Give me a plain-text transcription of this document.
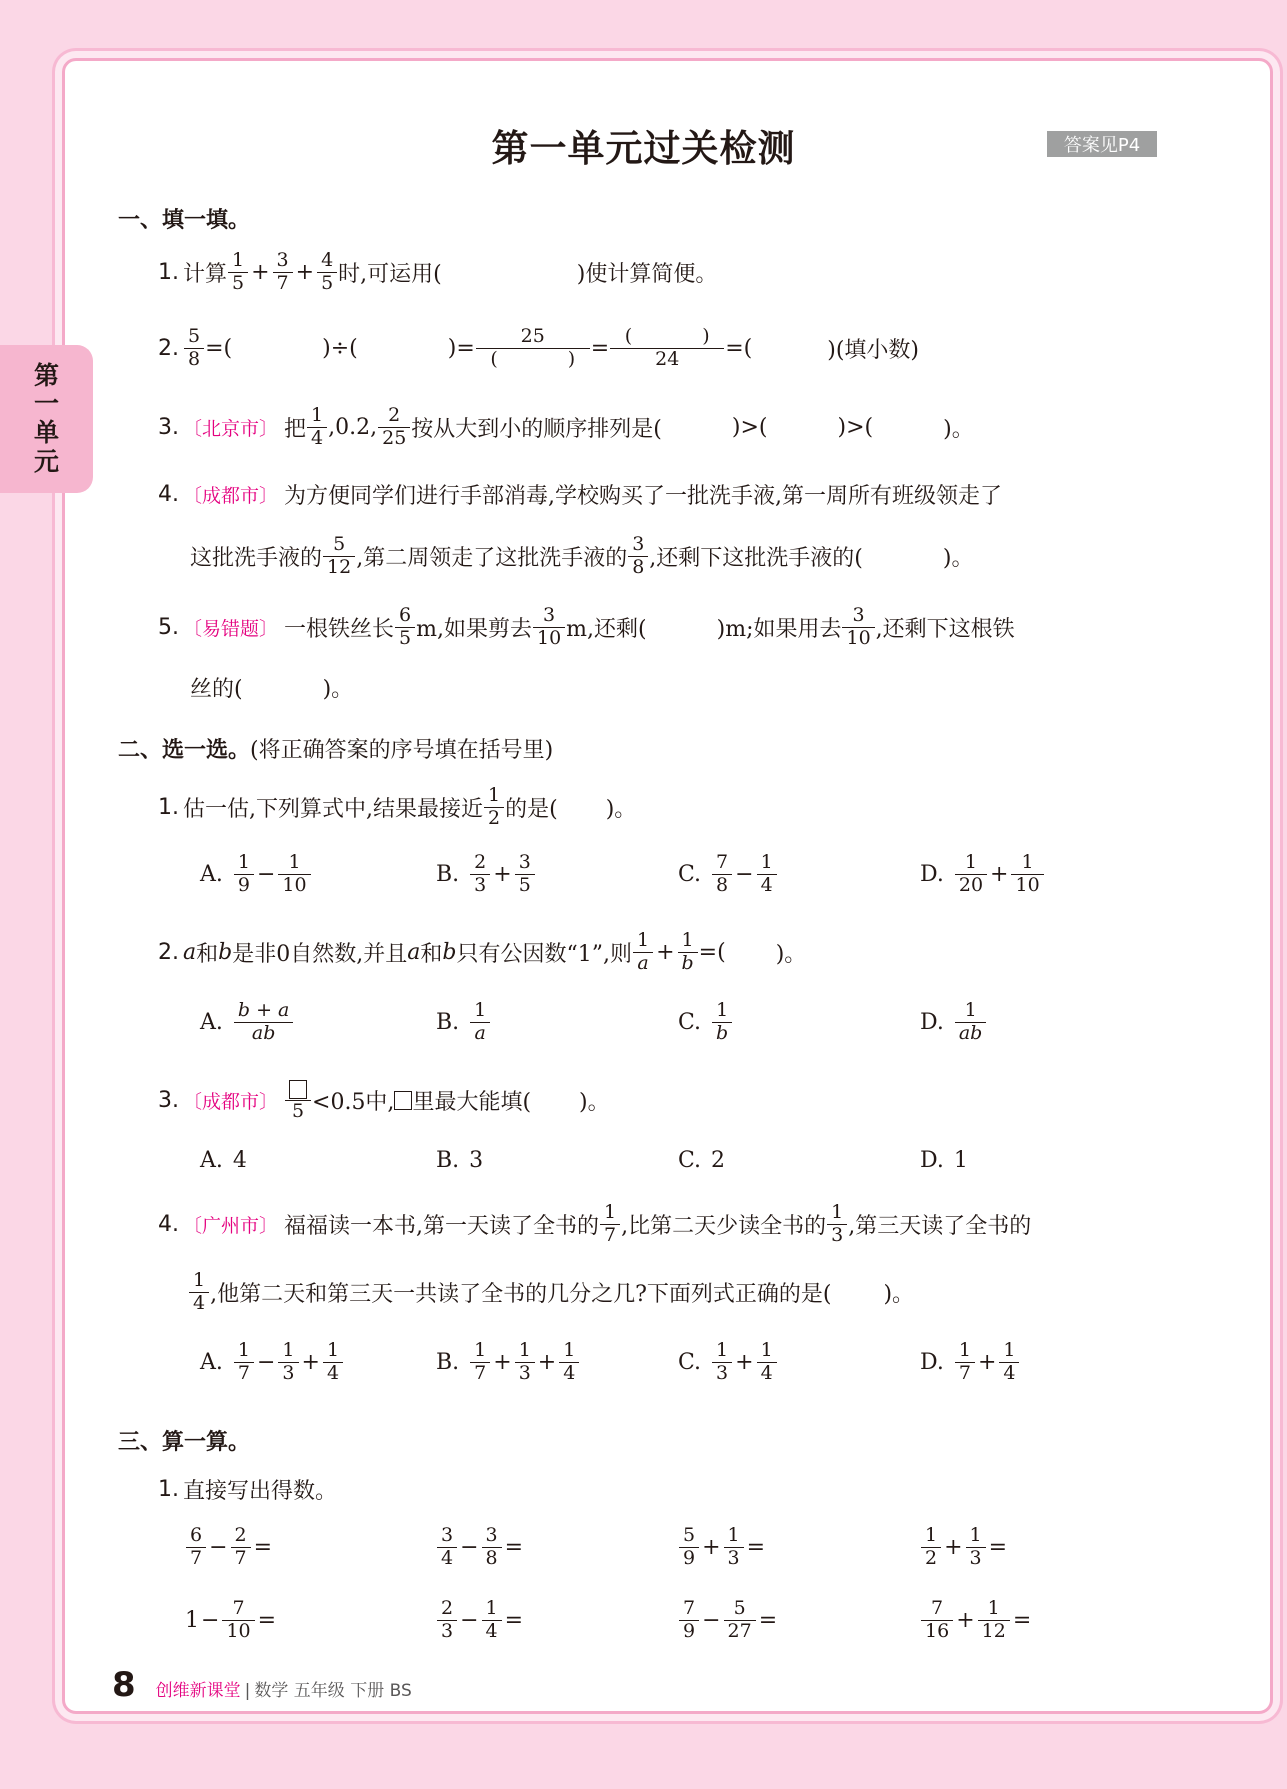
第
一
单
元
第一单元过关检测	答案见P4
一、填一填。
1. 计算 $\frac{1}{5} + \frac{3}{7} + \frac{4}{5}$ 时,可运用(	)使计算简便。
2. $\frac{5}{8}$ =(	)÷(	)= 25
(	) = (	)
24 =(	)(填小数)
3. 〔北京市〕 把 $\frac{1}{4} ,0.2$, $\frac{2}{25}$ 按从大到小的顺序排列是(	)>(	)>(	)。
4. 〔成都市〕 为方便同学们进行手部消毒,学校购买了一批洗手液,第一周所有班级领走了
这批洗手液的 $\frac{5}{12}$ ,第二周领走了这批洗手液的 $\frac{3}{8}$ ,还剩下这批洗手液的(	)。
5. 〔易错题〕 一根铁丝长 $\frac{6}{5} m$,如果剪去 $\frac{3}{10} m$,还剩(	)m;如果用去 $\frac{3}{10}$ ,还剩下这根铁
丝的(	)。
二、选一选。 (将正确答案的序号填在括号里)
1. 估一估,下列算式中,结果最接近 $\frac{1}{2}$ 的是( )。
A. $\frac{1}{9} - \frac{1}{10}$	B. $\frac{2}{3} + \frac{3}{5}$	C. $\frac{7}{8} - \frac{1}{4}$	D. $\frac{1}{20} + \frac{1}{10}$
2. a 和 b 是非0自然数,并且 a 和 b 只有公因数“1”,则 $\frac{1}{a} + \frac{1}{b}$ =( )。
A. $\frac{b + a}{ab}$	B. $\frac{1}{a}$	C. $\frac{1}{b}$	D. $\frac{1}{ab}$
3. 〔成都市〕 5 <0.5中, 里最大能填( )。
A. 4	B. 3	C. 2	D. 1
4. 〔广州市〕 福福读一本书,第一天读了全书的 $\frac{1}{7}$ ,比第二天少读全书的 $\frac{1}{3}$ ,第三天读了全书的
$\frac{1}{4}$ ,他第二天和第三天一共读了全书的几分之几?下面列式正确的是( )。
A. $\frac{1}{7} - \frac{1}{3} + \frac{1}{4}$	B. $\frac{1}{7} + \frac{1}{3} + \frac{1}{4}$	C. $\frac{1}{3} + \frac{1}{4}$	D. $\frac{1}{7} + \frac{1}{4}$
三、算一算。
1. 直接写出得数。
$\frac{6}{7} - \frac{2}{7}$ =	$\frac{3}{4} - \frac{3}{8}$ =	$\frac{5}{9} + \frac{1}{3}$ =	$\frac{1}{2} + \frac{1}{3}$ =
$1 - \frac{7}{10}$ =	$\frac{2}{3} - \frac{1}{4}$ =	$\frac{7}{9} - \frac{5}{27}$ =	$\frac{7}{16} + \frac{1}{12}$ =
8 创维新课堂 | 数学 五年级 下册 BS
